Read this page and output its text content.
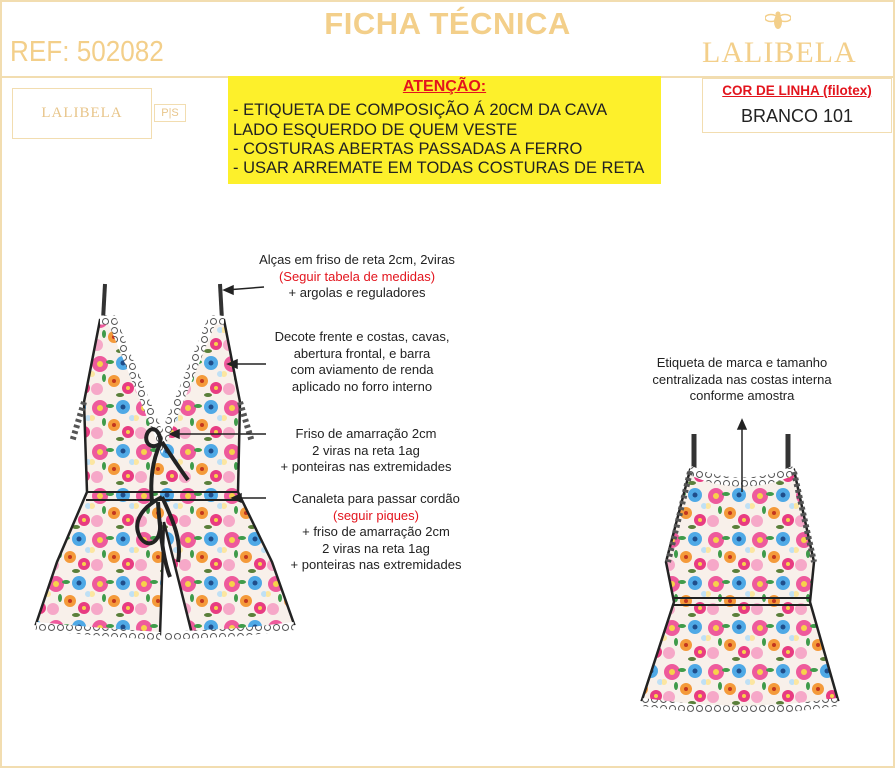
FICHA TÉCNICA
REF: 502082	LALIBELA
LALIBELA	P|S
ATENÇÃO:
- ETIQUETA DE COMPOSIÇÃO Á 20CM DA CAVA
LADO ESQUERDO DE QUEM VESTE
- COSTURAS ABERTAS PASSADAS A FERRO
- USAR ARREMATE EM TODAS COSTURAS DE RETA
COR DE LINHA (filotex)
BRANCO 101
Alças em friso de reta 2cm, 2viras
(Seguir tabela de medidas)
+ argolas e reguladores
Decote frente e costas, cavas,
abertura frontal, e barra
com aviamento de renda
aplicado no forro interno
Friso de amarração 2cm
2 viras na reta 1ag
+ ponteiras nas extremidades
Canaleta para passar cordão
(seguir piques)
+ friso de amarração 2cm
2 viras na reta 1ag
+ ponteiras nas extremidades
Etiqueta de marca e tamanho
centralizada nas costas interna
conforme amostra
